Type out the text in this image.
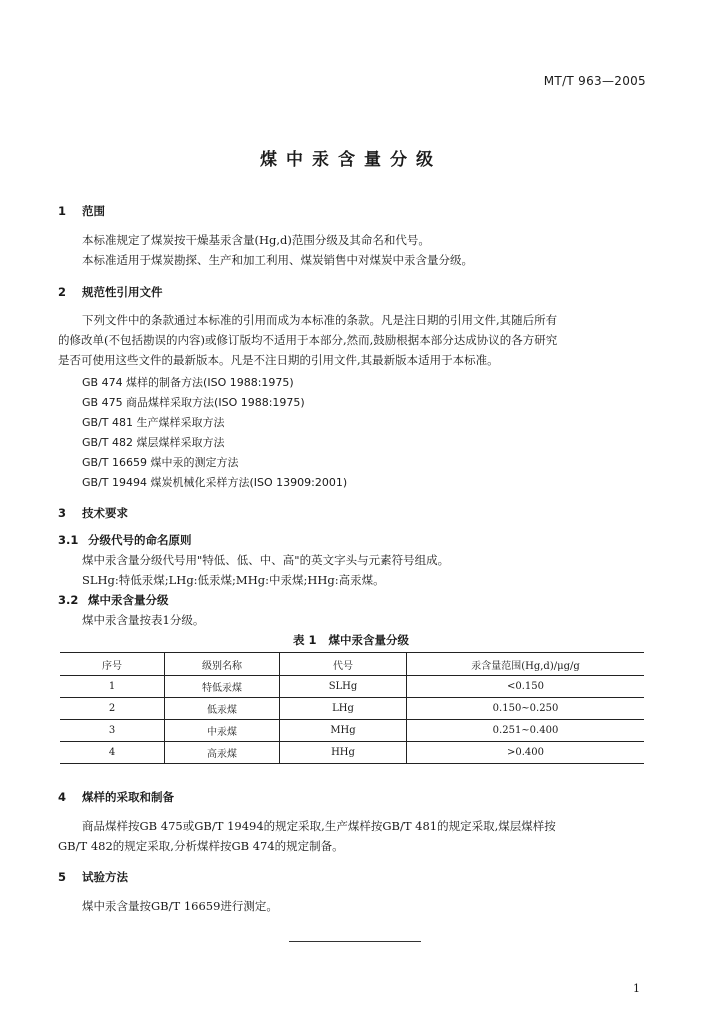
MT/T 963—2005
煤中汞含量分级
1 范围
本标准规定了煤炭按干燥基汞含量(Hg,d)范围分级及其命名和代号。
本标准适用于煤炭勘探、生产和加工利用、煤炭销售中对煤炭中汞含量分级。
2 规范性引用文件
下列文件中的条款通过本标准的引用而成为本标准的条款。凡是注日期的引用文件,其随后所有
的修改单(不包括勘误的内容)或修订版均不适用于本部分,然而,鼓励根据本部分达成协议的各方研究
是否可使用这些文件的最新版本。凡是不注日期的引用文件,其最新版本适用于本标准。
GB 474 煤样的制备方法(ISO 1988:1975)
GB 475 商品煤样采取方法(ISO 1988:1975)
GB/T 481 生产煤样采取方法
GB/T 482 煤层煤样采取方法
GB/T 16659 煤中汞的测定方法
GB/T 19494 煤炭机械化采样方法(ISO 13909:2001)
3 技术要求
3.1 分级代号的命名原则
煤中汞含量分级代号用"特低、低、中、高"的英文字头与元素符号组成。
SLHg:特低汞煤;LHg:低汞煤;MHg:中汞煤;HHg:高汞煤。
3.2 煤中汞含量分级
煤中汞含量按表1分级。
表 1 煤中汞含量分级
序号	级别名称	代号	汞含量范围(Hg,d)/μg/g
1	特低汞煤	SLHg	<0.150
2	低汞煤	LHg	0.150~0.250
3	中汞煤	MHg	0.251~0.400
4	高汞煤	HHg	>0.400
4 煤样的采取和制备
商品煤样按GB 475或GB/T 19494的规定采取,生产煤样按GB/T 481的规定采取,煤层煤样按
GB/T 482的规定采取,分析煤样按GB 474的规定制备。
5 试验方法
煤中汞含量按GB/T 16659进行测定。
1
